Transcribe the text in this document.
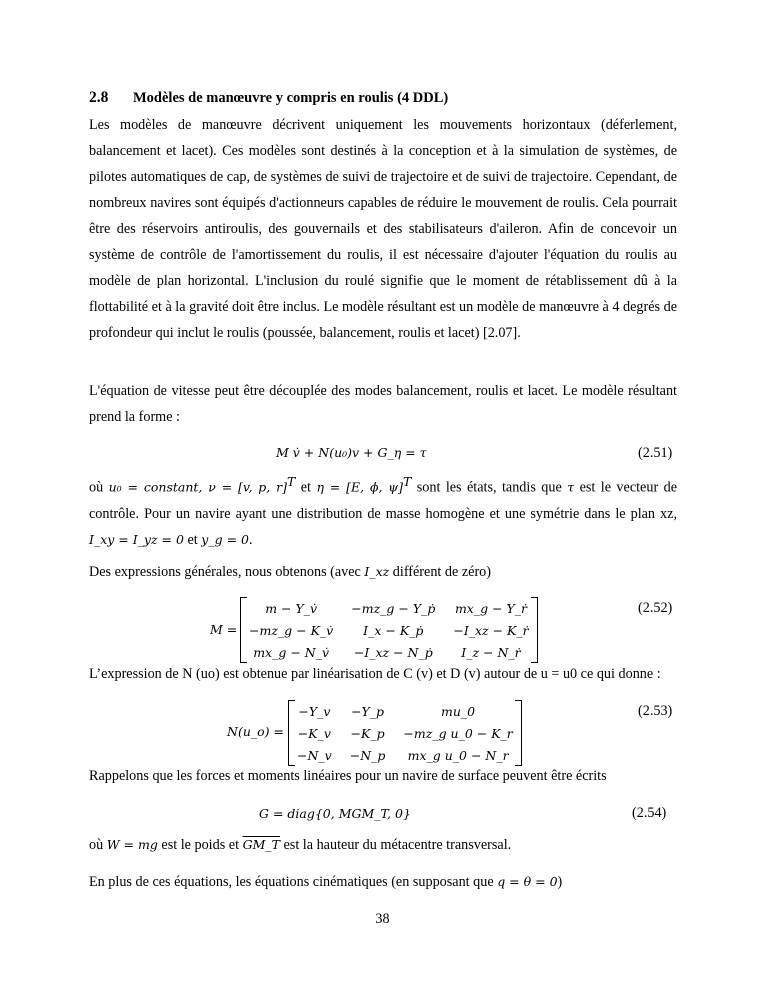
2.8 Modèles de manœuvre y compris en roulis (4 DDL)

Les modèles de manœuvre décrivent uniquement les mouvements horizontaux (déferlement, balancement et lacet). Ces modèles sont destinés à la conception et à la simulation de systèmes, de pilotes automatiques de cap, de systèmes de suivi de trajectoire et de suivi de trajectoire. Cependant, de nombreux navires sont équipés d'actionneurs capables de réduire le mouvement de roulis. Cela pourrait être des réservoirs antiroulis, des gouvernails et des stabilisateurs d'aileron. Afin de concevoir un système de contrôle de l'amortissement du roulis, il est nécessaire d'ajouter l'équation du roulis au modèle de plan horizontal. L'inclusion du roulé signifie que le moment de rétablissement dû à la flottabilité et à la gravité doit être inclus. Le modèle résultant est un modèle de manœuvre à 4 degrés de profondeur qui inclut le roulis (poussée, balancement, roulis et lacet) [2.07].

L'équation de vitesse peut être découplée des modes balancement, roulis et lacet. Le modèle résultant prend la forme :

M v̇ + N(u₀)v + G_η = τ	(2.51)

où u₀ = constant, ν = [v, p, r]$^T$ et η = [E, ϕ, ψ]$^T$ sont les états, tandis que τ est le vecteur de contrôle. Pour un navire ayant une distribution de masse homogène et une symétrie dans le plan xz, I_xy = I_yz = 0 et y_g = 0.

Des expressions générales, nous obtenons (avec I_xz différent de zéro)
M =
m − Y_v̇	−mz_g − Y_ṗ	mx_g − Y_ṙ
−mz_g − K_v̇	I_x − K_ṗ	−I_xz − K_ṙ
mx_g − N_v̇	−I_xz − N_ṗ	I_z − N_ṙ
(2.52)
L’expression de N (uo) est obtenue par linéarisation de C (v) et D (v) autour de u = u0 ce qui donne :
N(u_o) =
−Y_v	−Y_p	mu_0
−K_v	−K_p	−mz_g u_0 − K_r
−N_v	−N_p	mx_g u_0 − N_r
(2.53)
Rappelons que les forces et moments linéaires pour un navire de surface peuvent être écrits
G = diag{0, MGM_T, 0}	(2.54)
où W = mg est le poids et GM_T est la hauteur du métacentre transversal.
En plus de ces équations, les équations cinématiques (en supposant que q = θ = 0)
38
